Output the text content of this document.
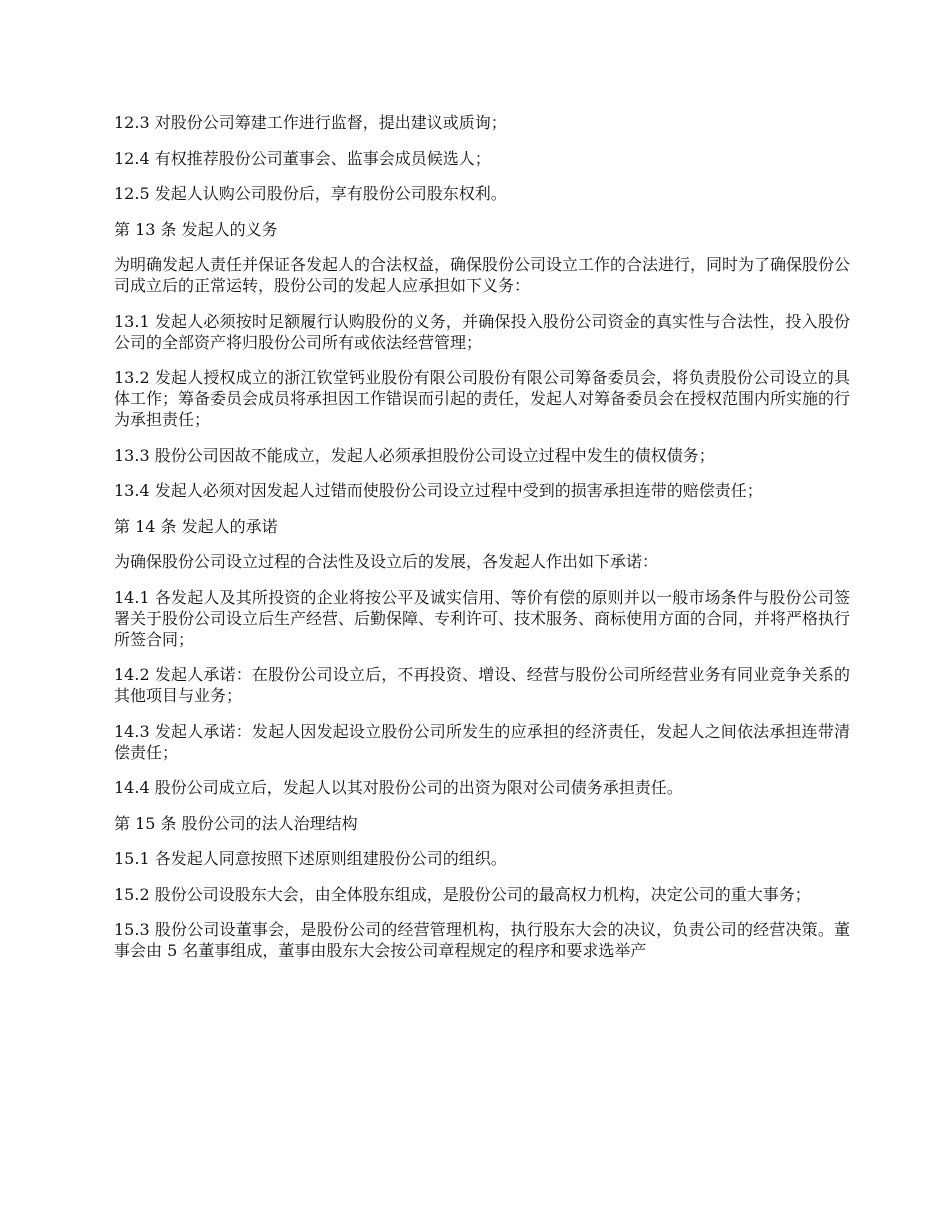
12.3 对股份公司筹建工作进行监督，提出建议或质询；

12.4 有权推荐股份公司董事会、监事会成员候选人；

12.5 发起人认购公司股份后，享有股份公司股东权利。

第 13 条 发起人的义务

为明确发起人责任并保证各发起人的合法权益，确保股份公司设立工作的合法进行，同时为了确保股份公司成立后的正常运转，股份公司的发起人应承担如下义务：

13.1 发起人必须按时足额履行认购股份的义务，并确保投入股份公司资金的真实性与合法性，投入股份公司的全部资产将归股份公司所有或依法经营管理；

13.2 发起人授权成立的浙江钦堂钙业股份有限公司股份有限公司筹备委员会，将负责股份公司设立的具体工作；筹备委员会成员将承担因工作错误而引起的责任，发起人对筹备委员会在授权范围内所实施的行为承担责任；

13.3 股份公司因故不能成立，发起人必须承担股份公司设立过程中发生的债权债务；

13.4 发起人必须对因发起人过错而使股份公司设立过程中受到的损害承担连带的赔偿责任；

第 14 条 发起人的承诺

为确保股份公司设立过程的合法性及设立后的发展，各发起人作出如下承诺：

14.1 各发起人及其所投资的企业将按公平及诚实信用、等价有偿的原则并以一般市场条件与股份公司签署关于股份公司设立后生产经营、后勤保障、专利许可、技术服务、商标使用方面的合同，并将严格执行所签合同；

14.2 发起人承诺：在股份公司设立后，不再投资、增设、经营与股份公司所经营业务有同业竞争关系的其他项目与业务；

14.3 发起人承诺：发起人因发起设立股份公司所发生的应承担的经济责任，发起人之间依法承担连带清偿责任；

14.4 股份公司成立后，发起人以其对股份公司的出资为限对公司债务承担责任。

第 15 条 股份公司的法人治理结构

15.1 各发起人同意按照下述原则组建股份公司的组织。

15.2 股份公司设股东大会，由全体股东组成，是股份公司的最高权力机构，决定公司的重大事务；

15.3 股份公司设董事会，是股份公司的经营管理机构，执行股东大会的决议，负责公司的经营决策。董事会由 5 名董事组成，董事由股东大会按公司章程规定的程序和要求选举产
